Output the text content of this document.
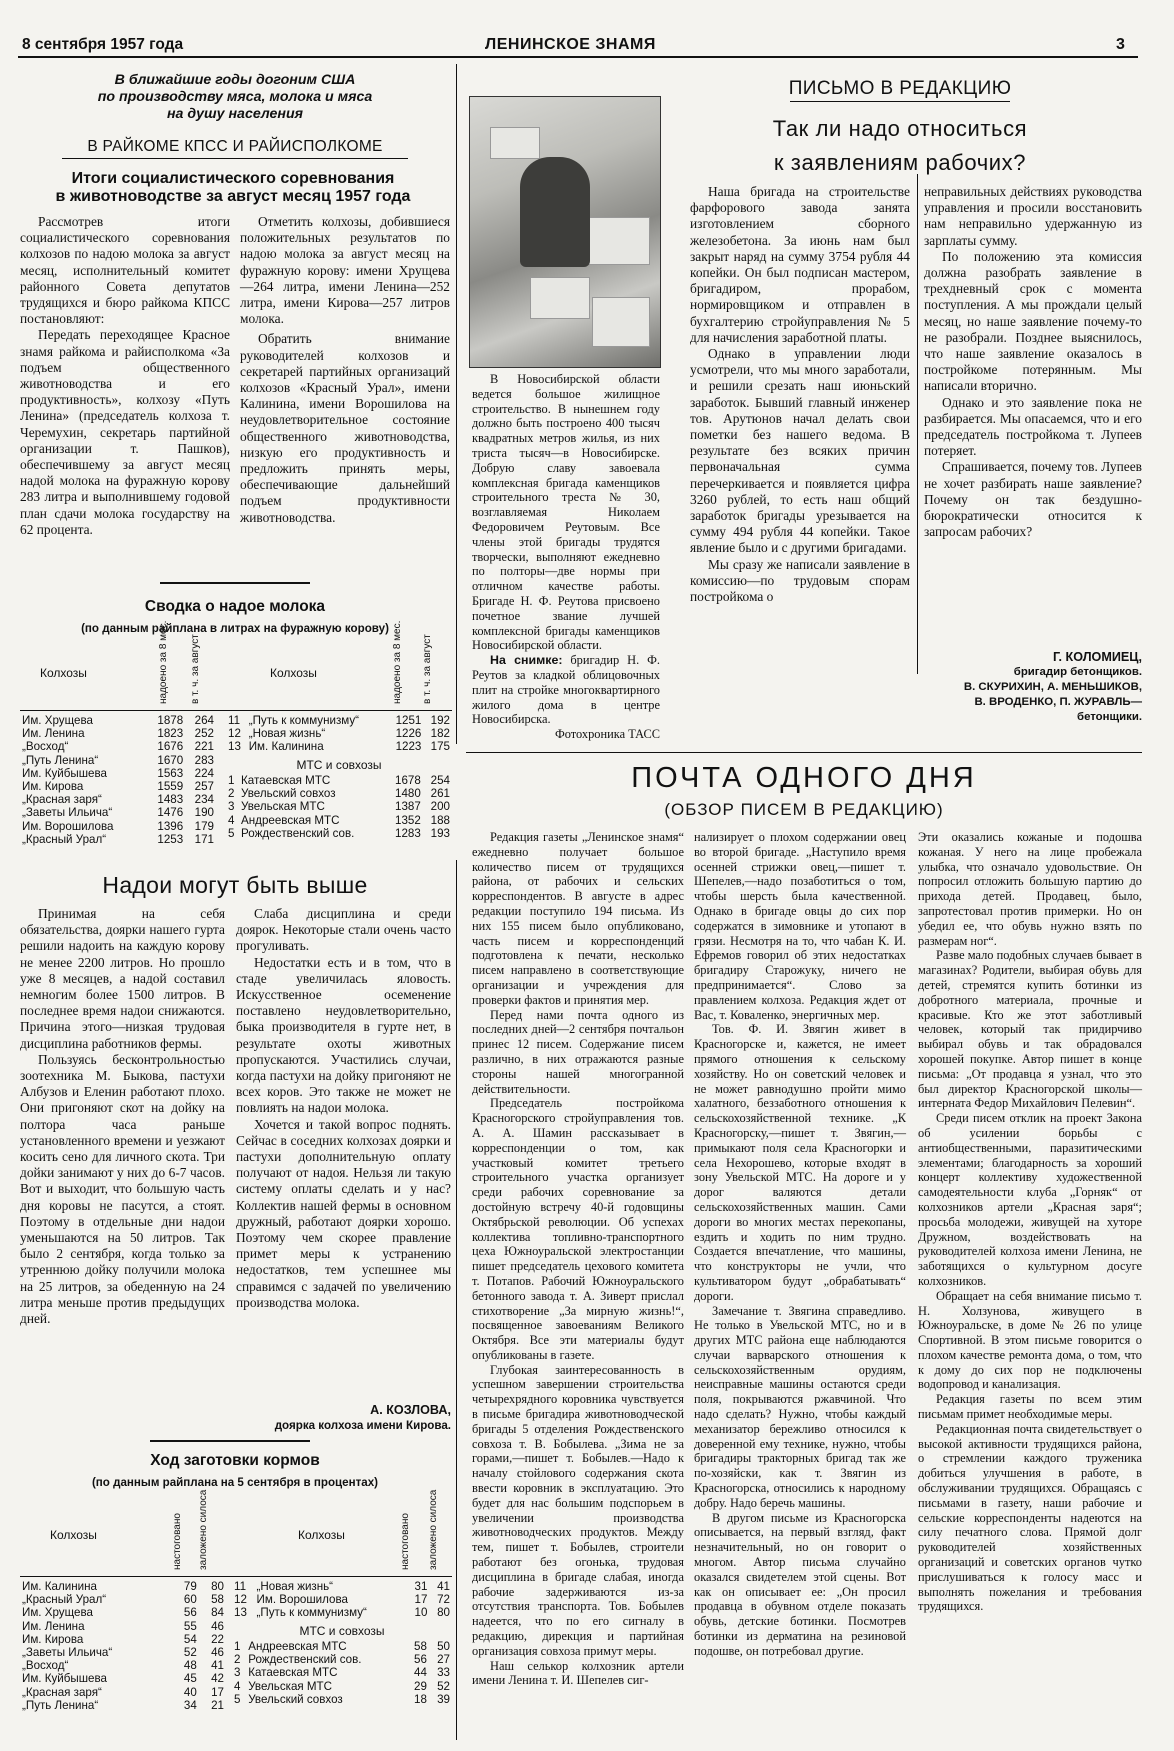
8 сентября 1957 года	ЛЕНИНСКОЕ ЗНАМЯ	3
В ближайшие годы догоним США
по производству мяса, молока и мяса
на душу населения
В РАЙКОМЕ КПСС И РАЙИСПОЛКОМЕ
Итоги социалистического соревнования
в животноводстве за август месяц 1957 года

Рассмотрев итоги социалистического соревнования колхозов по надою молока за август месяц, исполнительный комитет районного Совета депутатов трудящихся и бюро райкома КПСС постановляют:

Передать переходящее Красное знамя райкома и райисполкома «За подъем общественного животноводства и его продуктивность», колхозу «Путь Ленина» (председатель колхоза т. Черемухин, секретарь партийной организации т. Пашков), обеспечившему за август месяц надой молока на фуражную корову 283 литра и выполнившему годовой план сдачи молока государству на 62 процента.

Отметить колхозы, добившиеся положительных результатов по надою молока за август месяц на фуражную корову: имени Хрущева—264 литра, имени Ленина—252 литра, имени Кирова—257 литров молока.

Обратить внимание руководителей колхозов и секретарей партийных организаций колхозов «Красный Урал», имени Калинина, имени Ворошилова на неудовлетворительное состояние общественного животноводства, низкую его продуктивность и предложить принять меры, обеспечивающие дальнейший подъем продуктивности животноводства.

Сводка о надое молока
(по данным райплана в литрах на фуражную корову)
Колхозы	надоено за 8 мес. в т. ч. за август	Колхозы	надоено за 8 мес. в т. ч. за август
Им. Хрущева	1878	264
Им. Ленина	1823	252
„Восход“	1676	221
„Путь Ленина“	1670	283
Им. Куйбышева	1563	224
Им. Кирова	1559	257
„Красная заря“	1483	234
„Заветы Ильича“	1476	190
Им. Ворошилова	1396	179
„Красный Урал“	1253	171
11	„Путь к коммунизму“	1251	192
12	„Новая жизнь“	1226	182
13	Им. Калинина	1223	175
МТС и совхозы
1	Катаевская МТС	1678	254
2	Увельский совхоз	1480	261
3	Увельская МТС	1387	200
4	Андреевская МТС	1352	188
5	Рождественский сов.	1283	193
Надои могут быть выше

Принимая на себя обязательства, доярки нашего гурта решили надоить на каждую корову не менее 2200 литров. Но прошло уже 8 месяцев, а надой составил немногим более 1500 литров. В последнее время надои снижаются. Причина этого—низкая трудовая дисциплина работников фермы.

Пользуясь бесконтрольностью зоотехника М. Быкова, пастухи Албузов и Еленин работают плохо. Они пригоняют скот на дойку на полтора часа раньше установленного времени и уезжают косить сено для личного скота. Три дойки занимают у них до 6-7 часов. Вот и выходит, что большую часть дня коровы не пасутся, а стоят. Поэтому в отдельные дни надои уменьшаются на 50 литров. Так было 2 сентября, когда только за утреннюю дойку получили молока на 25 литров, за обеденную на 24 литра меньше против предыдущих дней.

Слаба дисциплина и среди доярок. Некоторые стали очень часто прогуливать.

Недостатки есть и в том, что в стаде увеличилась яловость. Искусственное осеменение поставлено неудовлетворительно, быка производителя в гурте нет, в результате охоты животных пропускаются. Участились случаи, когда пастухи на дойку пригоняют не всех коров. Это также не может не повлиять на надои молока.

Хочется и такой вопрос поднять. Сейчас в соседних колхозах доярки и пастухи дополнительную оплату получают от надоя. Нельзя ли такую систему оплаты сделать и у нас? Коллектив нашей фермы в основном дружный, работают доярки хорошо. Поэтому чем скорее правление примет меры к устранению недостатков, тем успешнее мы справимся с задачей по увеличению производства молока.

А. КОЗЛОВА,
доярка колхоза имени Кирова.
Ход заготовки кормов
(по данным райплана на 5 сентября в процентах)
Колхозы	настоговано заложено силоса	Колхозы	настоговано заложено силоса
Им. Калинина	79	80
„Красный Урал“	60	58
Им. Хрущева	56	84
Им. Ленина	55	46
Им. Кирова	54	22
„Заветы Ильича“	52	46
„Восход“	48	41
Им. Куйбышева	45	42
„Красная заря“	40	17
„Путь Ленина“	34	21
11	„Новая жизнь“	31	41
12	Им. Ворошилова	17	72
13	„Путь к коммунизму“	10	80
МТС и совхозы
1	Андреевская МТС	58	50
2	Рождественский сов.	56	27
3	Катаевская МТС	44	33
4	Увельская МТС	29	52
5	Увельский совхоз	18	39

В Новосибирской области ведется большое жилищное строительство. В нынешнем году должно быть построено 400 тысяч квадратных метров жилья, из них триста тысяч—в Новосибирске. Добрую славу завоевала комплексная бригада каменщиков строительного треста № 30, возглавляемая Николаем Федоровичем Реутовым. Все члены этой бригады трудятся творчески, выполняют ежедневно по полторы—две нормы при отличном качестве работы. Бригаде Н. Ф. Реутова присвоено почетное звание лучшей комплексной бригады каменщиков Новосибирской области.

На снимке: бригадир Н. Ф. Реутов за кладкой облицовочных плит на стройке многоквартирного жилого дома в центре Новосибирска.

Фотохроника ТАСС

ПИСЬМО В РЕДАКЦИЮ
Так ли надо относиться
к заявлениям рабочих?

Наша бригада на строительстве фарфорового завода занята изготовлением сборного железобетона. За июнь нам был закрыт наряд на сумму 3754 рубля 44 копейки. Он был подписан мастером, бригадиром, прорабом, нормировщиком и отправлен в бухгалтерию стройуправления № 5 для начисления заработной платы.

Однако в управлении люди усмотрели, что мы много заработали, и решили срезать наш июньский заработок. Бывший главный инженер тов. Арутюнов начал делать свои пометки без нашего ведома. В результате без всяких причин первоначальная сумма перечеркивается и появляется цифра 3260 рублей, то есть наш общий заработок бригады урезывается на сумму 494 рубля 44 копейки. Такое явление было и с другими бригадами.

Мы сразу же написали заявление в комиссию—по трудовым спорам постройкома о

неправильных действиях руководства управления и просили восстановить нам неправильно удержанную из зарплаты сумму.

По положению эта комиссия должна разобрать заявление в трехдневный срок с момента поступления. А мы прождали целый месяц, но наше заявление почему-то не разобрали. Позднее выяснилось, что наше заявление оказалось в постройкоме потерянным. Мы написали вторично.

Однако и это заявление пока не разбирается. Мы опасаемся, что и его председатель постройкома т. Лупеев потеряет.

Спрашивается, почему тов. Лупеев не хочет разбирать наше заявление? Почему он так бездушно-бюрократически относится к запросам рабочих?

Г. КОЛОМИЕЦ,
бригадир бетонщиков.
В. СКУРИХИН, А. МЕНЬШИКОВ,
В. ВРОДЕНКО, П. ЖУРАВЛЬ—
бетонщики.
ПОЧТА ОДНОГО ДНЯ
(ОБЗОР ПИСЕМ В РЕДАКЦИЮ)

Редакция газеты „Ленинское знамя“ ежедневно получает большое количество писем от трудящихся района, от рабочих и сельских корреспондентов. В августе в адрес редакции поступило 194 письма. Из них 155 писем было опубликовано, часть писем и корреспонденций подготовлена к печати, несколько писем направлено в соответствующие организации и учреждения для проверки фактов и принятия мер.

Перед нами почта одного из последних дней—2 сентября почтальон принес 12 писем. Содержание писем различно, в них отражаются разные стороны нашей многогранной действительности.

Председатель постройкома Красногорского стройуправления тов. А. А. Шамин рассказывает в корреспонденции о том, как участковый комитет третьего строительного участка организует среди рабочих соревнование за достойную встречу 40-й годовщины Октябрьской революции. Об успехах коллектива топливно-транспортного цеха Южноуральской электростанции пишет председатель цехового комитета т. Потапов. Рабочий Южноуральского бетонного завода т. А. Зиверт прислал стихотворение „За мирную жизнь!“, посвященное завоеваниям Великого Октября. Все эти материалы будут опубликованы в газете.

Глубокая заинтересованность в успешном завершении строительства четырехрядного коровника чувствуется в письме бригадира животноводческой бригады 5 отделения Рождественского совхоза т. В. Бобылева. „Зима не за горами,—пишет т. Бобылев.—Надо к началу стойлового содержания скота ввести коровник в эксплуатацию. Это будет для нас большим подспорьем в увеличении производства животноводческих продуктов. Между тем, пишет т. Бобылев, строители работают без огонька, трудовая дисциплина в бригаде слабая, иногда рабочие задерживаются из-за отсутствия транспорта. Тов. Бобылев надеется, что по его сигналу в редакцию, дирекция и партийная организация совхоза примут меры.

Наш селькор колхозник артели имени Ленина т. И. Шепелев сиг-

нализирует о плохом содержании овец во второй бригаде. „Наступило время осенней стрижки овец,—пишет т. Шепелев,—надо позаботиться о том, чтобы шерсть была качественной. Однако в бригаде овцы до сих пор содержатся в зимовнике и утопают в грязи. Несмотря на то, что чабан К. И. Ефремов говорил об этих недостатках бригадиру Старожуку, ничего не предпринимается“. Слово за правлением колхоза. Редакция ждет от Вас, т. Коваленко, энергичных мер.

Тов. Ф. И. Звягин живет в Красногорске и, кажется, не имеет прямого отношения к сельскому хозяйству. Но он советский человек и не может равнодушно пройти мимо халатного, беззаботного отношения к сельскохозяйственной технике. „К Красногорску,—пишет т. Звягин,—примыкают поля села Красногорки и села Нехорошево, которые входят в зону Увельской МТС. На дороге и у дорог валяются детали сельскохозяйственных машин. Сами дороги во многих местах перекопаны, ездить и ходить по ним трудно. Создается впечатление, что машины, что конструкторы не учли, что культиватором будут „обрабатывать“ дороги.

Замечание т. Звягина справедливо. Не только в Увельской МТС, но и в других МТС района еще наблюдаются случаи варварского отношения к сельскохозяйственным орудиям, неисправные машины остаются среди поля, покрываются ржавчиной. Что надо сделать? Нужно, чтобы каждый механизатор бережливо относился к доверенной ему технике, нужно, чтобы бригадиры тракторных бригад так же по-хозяйски, как т. Звягин из Красногорска, относились к народному добру. Надо беречь машины.

В другом письме из Красногорска описывается, на первый взгляд, факт незначительный, но он говорит о многом. Автор письма случайно оказался свидетелем этой сцены. Вот как он описывает ее: „Он просил продавца в обувном отделе показать обувь, детские ботинки. Посмотрев ботинки из дерматина на резиновой подошве, он потребовал другие.

Эти оказались кожаные и подошва кожаная. У него на лице пробежала улыбка, что означало удовольствие. Он попросил отложить большую партию до прихода детей. Продавец, было, запротестовал против примерки. Но он убедил ее, что обувь нужно взять по размерам ног“.

Разве мало подобных случаев бывает в магазинах? Родители, выбирая обувь для детей, стремятся купить ботинки из добротного материала, прочные и красивые. Кто же этот заботливый человек, который так придирчиво выбирал обувь и так обрадовался хорошей покупке. Автор пишет в конце письма: „От продавца я узнал, что это был директор Красногорской школы—интерната Федор Михайлович Пелевин“.

Среди писем отклик на проект Закона об усилении борьбы с антиобщественными, паразитическими элементами; благодарность за хороший концерт коллективу художественной самодеятельности клуба „Горняк“ от колхозников артели „Красная заря“; просьба молодежи, живущей на хуторе Дружном, воздействовать на руководителей колхоза имени Ленина, не заботящихся о культурном досуге колхозников.

Обращает на себя внимание письмо т. Н. Холзунова, живущего в Южноуральске, в доме № 26 по улице Спортивной. В этом письме говорится о плохом качестве ремонта дома, о том, что к дому до сих пор не подключены водопровод и канализация.

Редакция газеты по всем этим письмам примет необходимые меры.

Редакционная почта свидетельствует о высокой активности трудящихся района, о стремлении каждого труженика добиться улучшения в работе, в обслуживании трудящихся. Обращаясь с письмами в газету, наши рабочие и сельские корреспонденты надеются на силу печатного слова. Прямой долг руководителей хозяйственных организаций и советских органов чутко прислушиваться к голосу масс и выполнять пожелания и требования трудящихся.
